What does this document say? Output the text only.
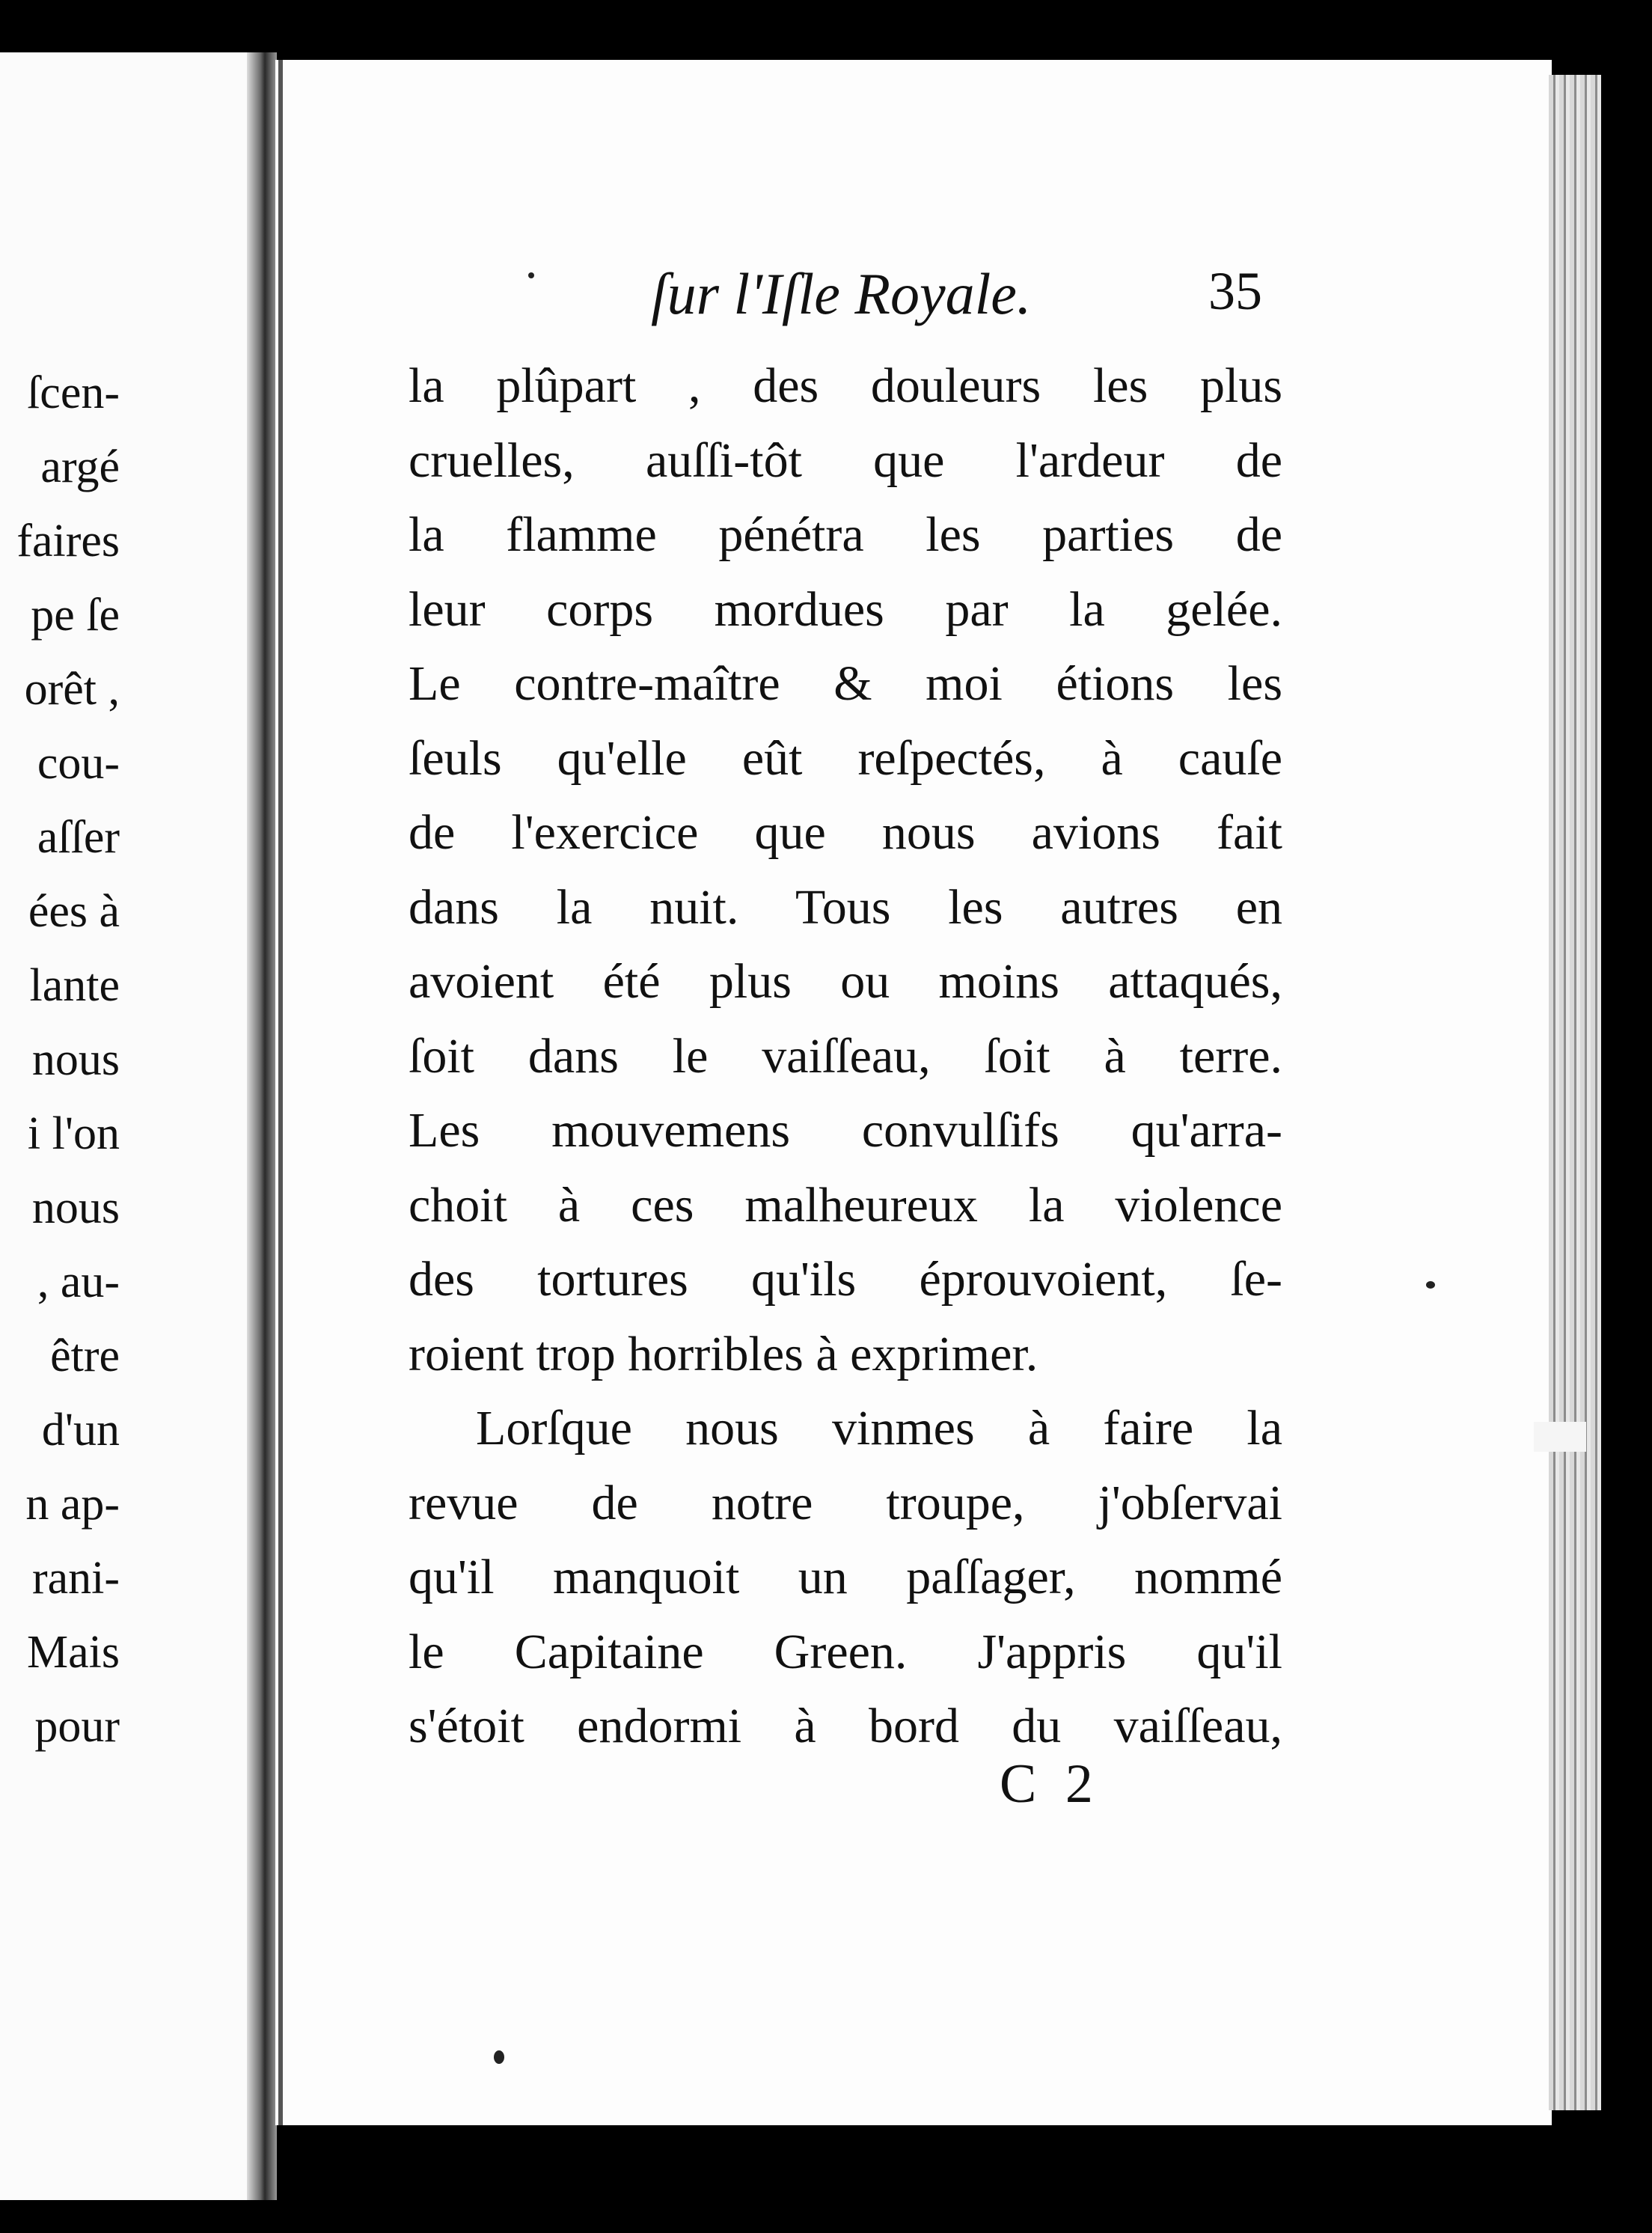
ſcen-
argé
faires
pe ſe
orêt ,
cou-
aſſer
ées à
lante
nous
i l'on
nous
, au-
être
d'un
n ap-
rani-
Mais
pour
ſur l'Iſle Royale.	35
la plûpart , des douleurs les plus
cruelles, auſſi-tôt que l'ardeur de
la flamme pénétra les parties de
leur corps mordues par la gelée.
Le contre-maître & moi étions les
ſeuls qu'elle eût reſpectés, à cauſe
de l'exercice que nous avions fait
dans la nuit. Tous les autres en
avoient été plus ou moins attaqués,
ſoit dans le vaiſſeau, ſoit à terre.
Les mouvemens convulſifs qu'arra-
choit à ces malheureux la violence
des tortures qu'ils éprouvoient, ſe-
roient trop horribles à exprimer.
Lorſque nous vinmes à faire la
revue de notre troupe, j'obſervai
qu'il manquoit un paſſager, nommé
le Capitaine Green. J'appris qu'il
s'étoit endormi à bord du vaiſſeau,
C 2
